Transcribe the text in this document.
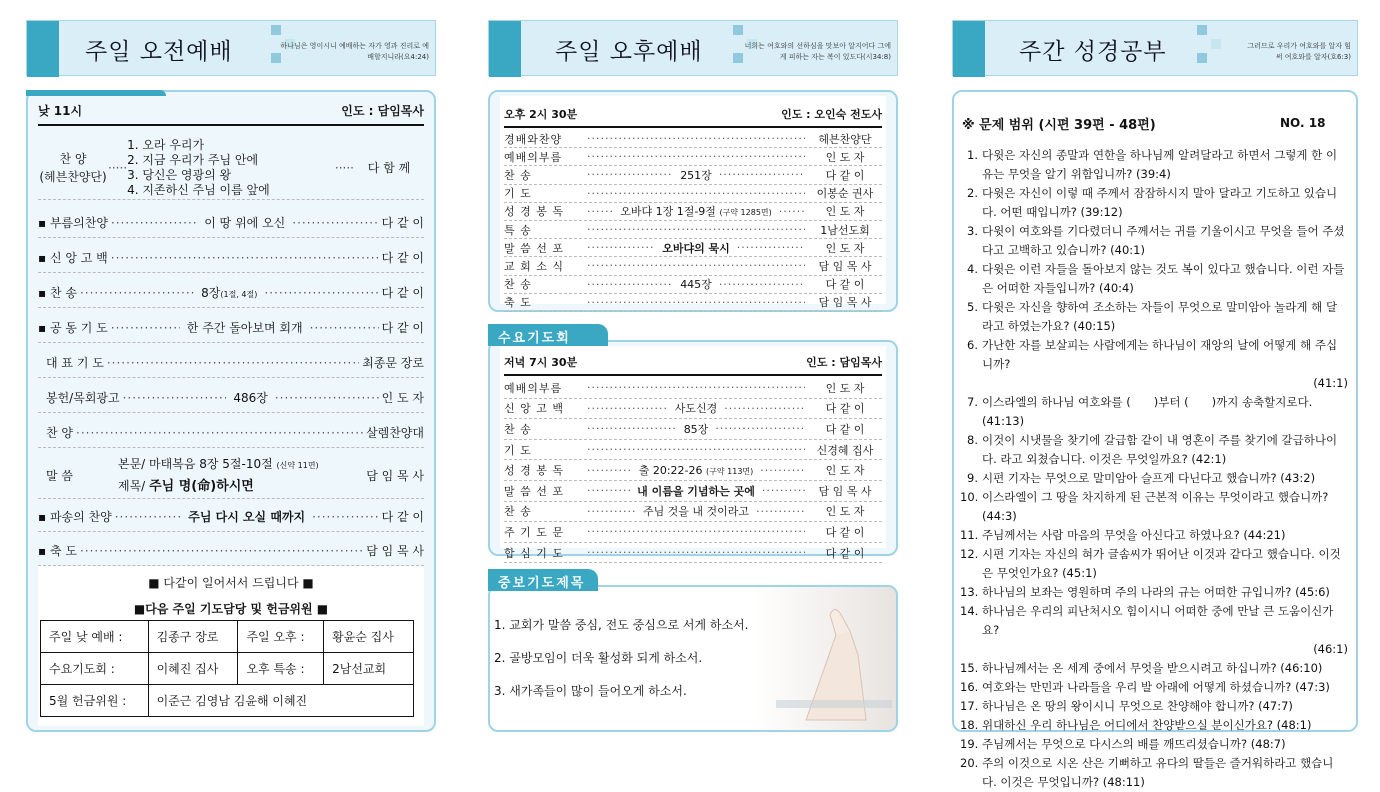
주일 오전예배	하나님은 영이시니 예배하는 자가 영과 진리로 예배할지니라(요4:24)
낮 11시	인도 : 담임목사
찬 양
(헤븐찬양단)
·····
1. 오라 우리가
2. 지금 우리가 주님 안에
3. 당신은 영광의 왕
4. 지존하신 주님 이름 앞에
·····	다 함 께
▪ 부름의찬양 ·····	이 땅 위에 오신 ·····	다 같 이
▪ 신 앙 고 백 ·····	다 같 이
▪ 찬 송 ·····	8장(1절, 4절) ·····	다 같 이
▪ 공 동 기 도 ·····	한 주간 돌아보며 회개 ·····	다 같 이
대 표 기 도 ·····	최종문 장로
봉헌/목회광고 ·····	486장 ·····	인 도 자
찬 양 ·····	살렘찬양대
말 씀
본문/ 마태복음 8장 5절-10절 (신약 11면)
제목/ 주님 명(命)하시면
담 임 목 사
▪ 파송의 찬양 ·····	주님 다시 오실 때까지 ·····	다 같 이
▪ 축 도 ·····	담 임 목 사
■ 다같이 일어서서 드립니다 ■
■다음 주일 기도담당 및 헌금위원 ■
주일 낮 예배 :	김종구 장로	주일 오후 :	황윤순 집사
수요기도회 :	이혜진 집사	오후 특송 :	2남선교회
5월 헌금위원 :	이준근 김영남 김윤해 이혜진		
주일 오후예배	너희는 여호와의 선하심을 맛보아 알지어다 그에게 피하는 자는 복이 있도다(시34:8)
오후 2시 30분	인도 : 오인숙 전도사
경배와찬양 ·····	헤븐찬양단
예배의부름 ·····	인 도 자
찬 송 ·····	251장 ·····	다 같 이
기 도 ·····	이봉순 권사
성 경 봉 독 ·····	오바댜 1장 1절-9절 (구약 1285면) ·····	인 도 자
특 송 ·····	1남선도회
말 씀 선 포 ·····	오바댜의 묵시 ·····	인 도 자
교 회 소 식 ·····	담 임 목 사
찬 송 ·····	445장 ·····	다 같 이
축 도 ·····	담 임 목 사
수요기도회
저녁 7시 30분	인도 : 담임목사
예배의부름 ·····	인 도 자
신 앙 고 백 ·····	사도신경 ·····	다 같 이
찬 송 ·····	85장 ·····	다 같 이
기 도 ·····	신경혜 집사
성 경 봉 독 ·····	출 20:22-26 (구약 113면) ·····	인 도 자
말 씀 선 포 ·····	내 이름을 기념하는 곳에 ·····	담 임 목 사
찬 송 ·····	주님 것을 내 것이라고 ·····	인 도 자
주 기 도 문 ·····	다 같 이
합 심 기 도 ·····	다 같 이
중보기도제목
1. 교회가 말씀 중심, 전도 중심으로 서게 하소서.
2. 골방모임이 더욱 활성화 되게 하소서.
3. 새가족들이 많이 들어오게 하소서.
주간 성경공부	그러므로 우리가 여호와를 알자 힘써 여호와를 알자(호6:3)
※ 문제 범위 (시편 39편 - 48편)	NO. 18
1. 다윗은 자신의 종말과 연한을 하나님께 알려달라고 하면서 그렇게 한 이유는 무엇을 알기 위함입니까? (39:4)
2. 다윗은 자신이 이렇 때 주께서 잠잠하시지 말아 달라고 기도하고 있습니다. 어떤 때입니까? (39:12)
3. 다윗이 여호와를 기다렸더니 주께서는 귀를 기울이시고 무엇을 들어 주셨다고 고백하고 있습니까? (40:1)
4. 다윗은 이런 자들을 돌아보지 않는 것도 복이 있다고 했습니다. 이런 자들은 어떠한 자들입니까? (40:4)
5. 다윗은 자신을 향하여 조소하는 자들이 무엇으로 말미암아 놀라게 해 달라고 하였는가요? (40:15)
6. 가난한 자를 보살피는 사람에게는 하나님이 재앙의 날에 어떻게 해 주십니까?
(41:1)
7. 이스라엘의 하나님 여호와를 (　　)부터 (　　)까지 송축할지로다. (41:13)
8. 이것이 시냇물을 찾기에 갈급함 같이 내 영혼이 주를 찾기에 갈급하나이다. 라고 외쳤습니다. 이것은 무엇일까요? (42:1)
9. 시편 기자는 무엇으로 말미암아 슬프게 다닌다고 했습니까? (43:2)
10. 이스라엘이 그 땅을 차지하게 된 근본적 이유는 무엇이라고 했습니까? (44:3)
11. 주님께서는 사람 마음의 무엇을 아신다고 하였나요? (44:21)
12. 시편 기자는 자신의 혀가 글솜씨가 뛰어난 이것과 같다고 했습니다. 이것은 무엇인가요? (45:1)
13. 하나님의 보좌는 영원하며 주의 나라의 규는 어떠한 규입니까? (45:6)
14. 하나님은 우리의 피난처시오 힘이시니 어떠한 중에 만날 큰 도움이신가요?
(46:1)
15. 하나님께서는 온 세계 중에서 무엇을 받으시려고 하십니까? (46:10)
16. 여호와는 만민과 나라들을 우리 발 아래에 어떻게 하셨습니까? (47:3)
17. 하나님은 온 땅의 왕이시니 무엇으로 찬양해야 합니까? (47:7)
18. 위대하신 우리 하나님은 어디에서 찬양받으실 분이신가요? (48:1)
19. 주님께서는 무엇으로 다시스의 배를 깨뜨리셨습니까? (48:7)
20. 주의 이것으로 시온 산은 기뻐하고 유다의 딸들은 즐거워하라고 했습니다. 이것은 무엇입니까? (48:11)
